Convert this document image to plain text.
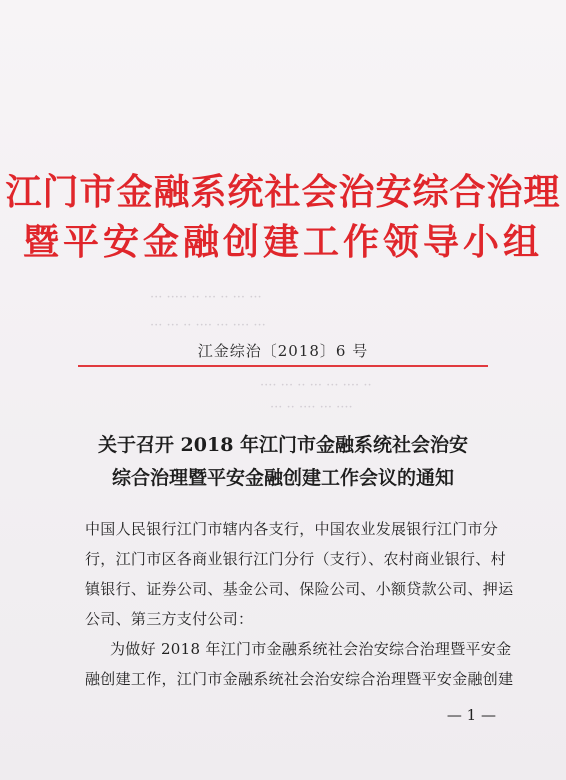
··· ··· ·· ··· ·· ····· ···
··· ···· ··· ···· ·· ··· ···
·· ···· ··· ··· ·· ··· ····
···· ··· ···· ·· ···
江门市金融系统社会治安综合治理
暨平安金融创建工作领导小组
江金综治〔2018〕6 号
关于召开 2018 年江门市金融系统社会治安
综合治理暨平安金融创建工作会议的通知
中国人民银行江门市辖内各支行，中国农业发展银行江门市分
行，江门市区各商业银行江门分行（支行）、农村商业银行、村
镇银行、证券公司、基金公司、保险公司、小额贷款公司、押运
公司、第三方支付公司：
为做好 2018 年江门市金融系统社会治安综合治理暨平安金
融创建工作，江门市金融系统社会治安综合治理暨平安金融创建
— 1 —
